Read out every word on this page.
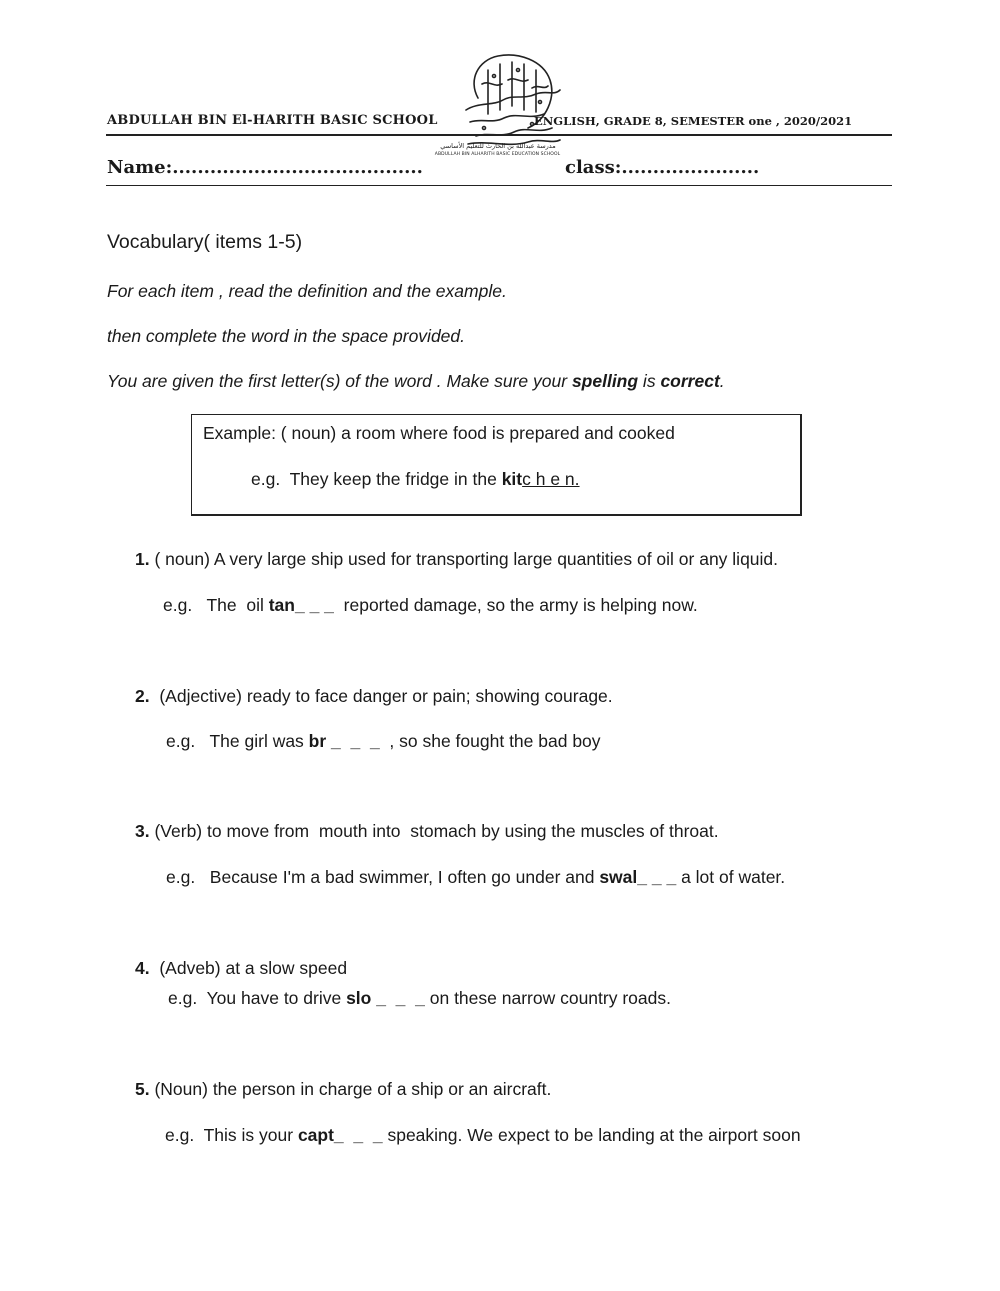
ABDULLAH BIN El-HARITH BASIC SCHOOL
مدرسة عبدالله بن الحارث للتعليم الأساسي
ABDULLAH BIN ALHARITH BASIC EDUCATION SCHOOL
ENGLISH, GRADE 8, SEMESTER one , 2020/2021
Name:........................................	class:......................
Vocabulary( items 1-5)
For each item , read the definition and the example.
then complete the word in the space provided.
You are given the first letter(s) of the word . Make sure your spelling is correct.
Example: ( noun) a room where food is prepared and cooked
e.g.  They keep the fridge in the kitc h e n.
1. ( noun) A very large ship used for transporting large quantities of oil or any liquid.
e.g.   The  oil tan_ _ _  reported damage, so the army is helping now.
2.  (Adjective) ready to face danger or pain; showing courage.
e.g.   The girl was br _  _  _  , so she fought the bad boy
3. (Verb) to move from  mouth into  stomach by using the muscles of throat.
e.g.   Because I'm a bad swimmer, I often go under and swal_ _ _ a lot of water.
4.  (Adveb) at a slow speed
e.g.  You have to drive slo _  _  _ on these narrow country roads.
5. (Noun) the person in charge of a ship or an aircraft.
e.g.  This is your capt_  _  _ speaking. We expect to be landing at the airport soon
